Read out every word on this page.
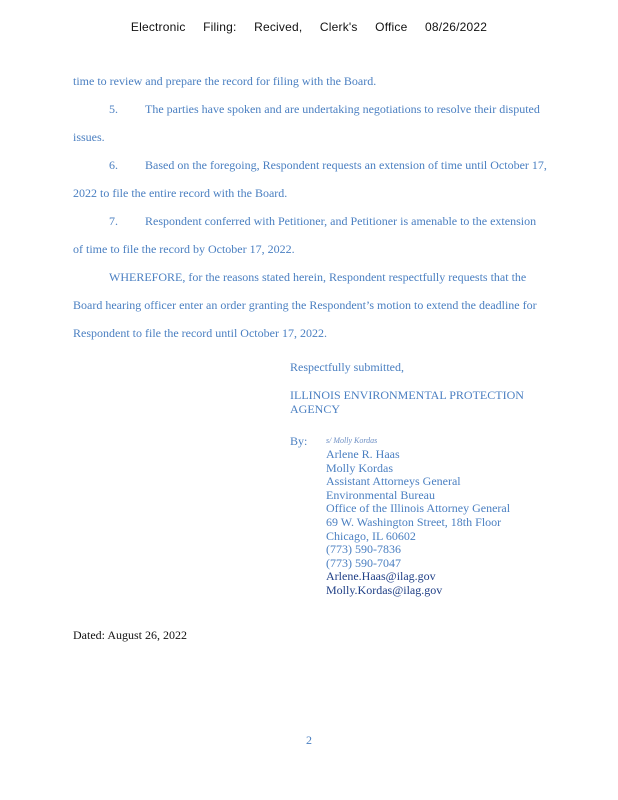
Electronic Filing: Recived, Clerk's Office 08/26/2022
time to review and prepare the record for filing with the Board.
5. The parties have spoken and are undertaking negotiations to resolve their disputed
issues.
6. Based on the foregoing, Respondent requests an extension of time until October 17,
2022 to file the entire record with the Board.
7. Respondent conferred with Petitioner, and Petitioner is amenable to the extension
of time to file the record by October 17, 2022.
WHEREFORE, for the reasons stated herein, Respondent respectfully requests that the
Board hearing officer enter an order granting the Respondent’s motion to extend the deadline for
Respondent to file the record until October 17, 2022.
Respectfully submitted,
ILLINOIS ENVIRONMENTAL PROTECTION
AGENCY
By: s/ Molly Kordas
Arlene R. Haas
Molly Kordas
Assistant Attorneys General
Environmental Bureau
Office of the Illinois Attorney General
69 W. Washington Street, 18th Floor
Chicago, IL 60602
(773) 590-7836
(773) 590-7047
Arlene.Haas@ilag.gov
Molly.Kordas@ilag.gov
Dated: August 26, 2022
2
